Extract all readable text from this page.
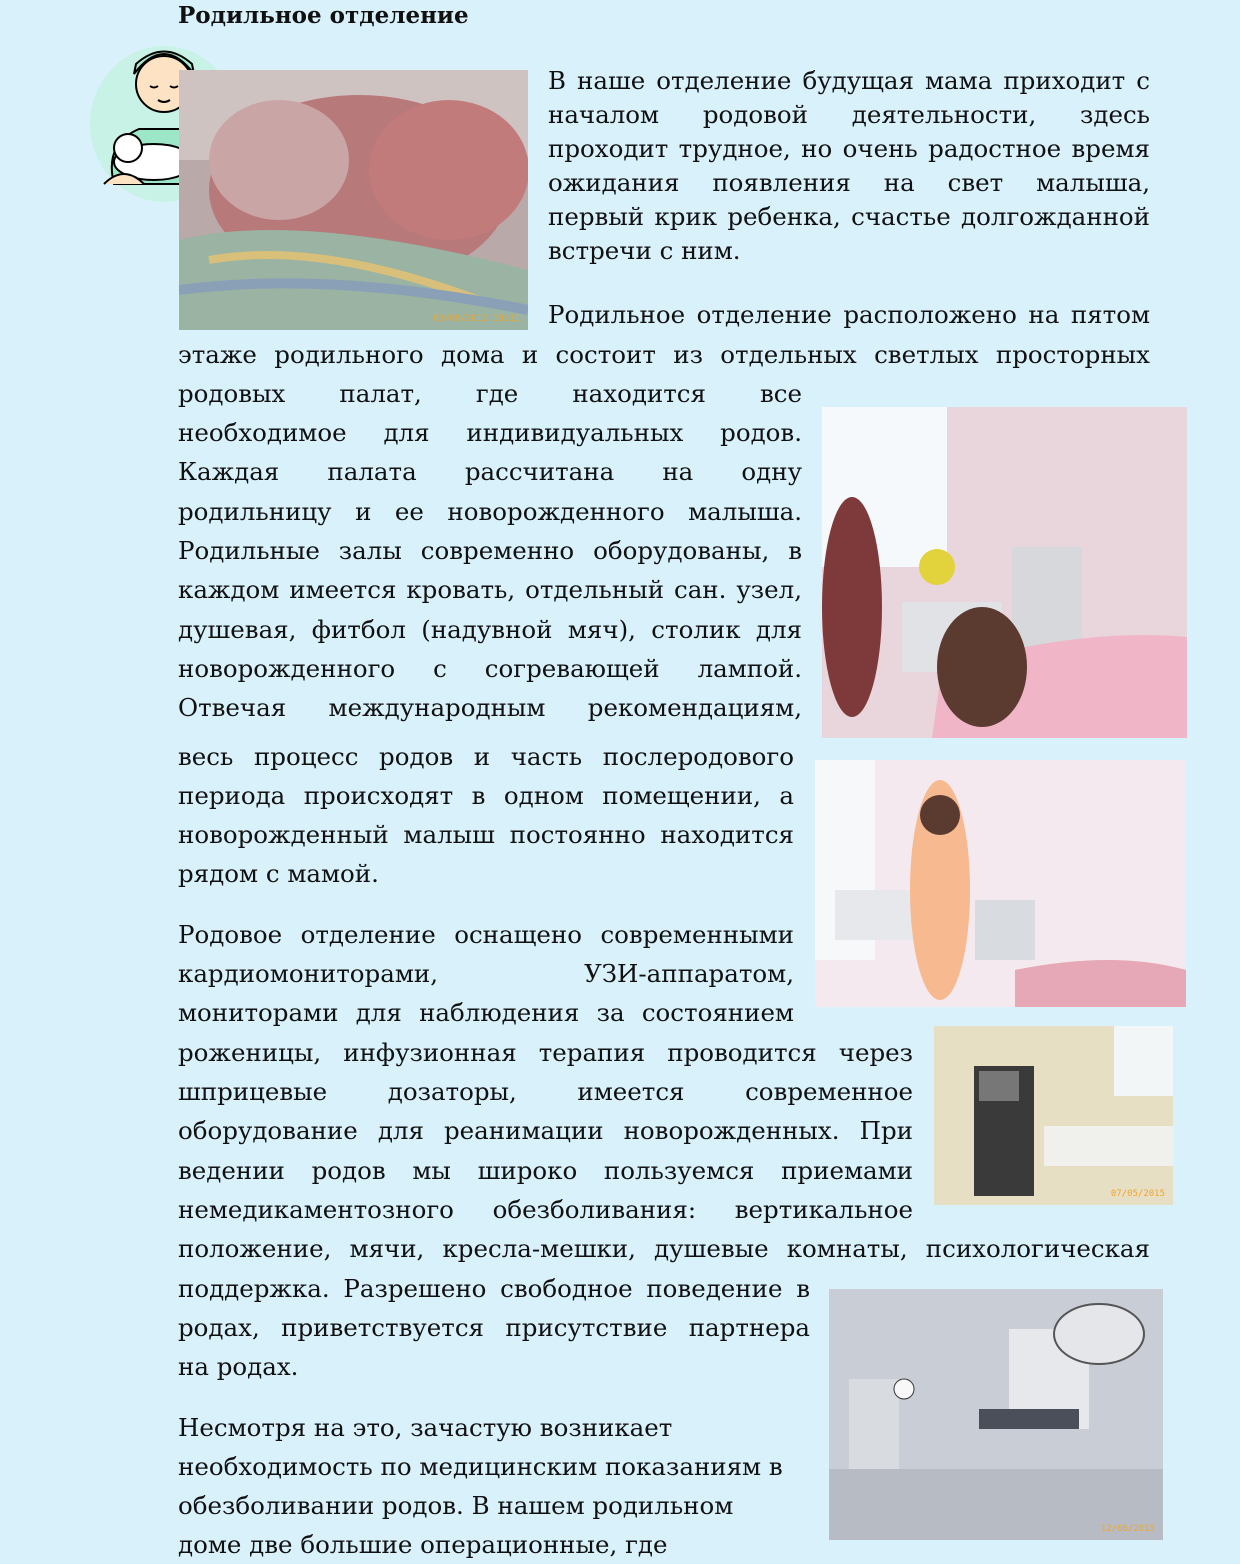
Родильное отделение
03/08/2012 18:11
07/05/2015
12/06/2015
В наше отделение будущая мама приходит с
началом родовой деятельности, здесь
проходит трудное, но очень радостное время
ожидания появления на свет малыша,
первый крик ребенка, счастье долгожданной
встречи с ним.
Родильное отделение расположено на пятом
этаже родильного дома и состоит из отдельных светлых просторных
родовых палат, где находится все
необходимое для индивидуальных родов.
Каждая палата рассчитана на одну
родильницу и ее новорожденного малыша.
Родильные залы современно оборудованы, в
каждом имеется кровать, отдельный сан. узел,
душевая, фитбол (надувной мяч), столик для
новорожденного с согревающей лампой.
Отвечая международным рекомендациям,
весь процесс родов и часть послеродового
периода происходят в одном помещении, а
новорожденный малыш постоянно находится
рядом с мамой.
Родовое отделение оснащено современными
кардиомониторами, УЗИ-аппаратом,
мониторами для наблюдения за состоянием
роженицы, инфузионная терапия проводится через
шприцевые дозаторы, имеется современное
оборудование для реанимации новорожденных. При
ведении родов мы широко пользуемся приемами
немедикаментозного обезболивания: вертикальное
положение, мячи, кресла-мешки, душевые комнаты, психологическая
поддержка. Разрешено свободное поведение в
родах, приветствуется присутствие партнера
на родах.
Несмотря на это, зачастую возникает
необходимость по медицинским показаниям в
обезболивании родов. В нашем родильном
доме две большие операционные, где
